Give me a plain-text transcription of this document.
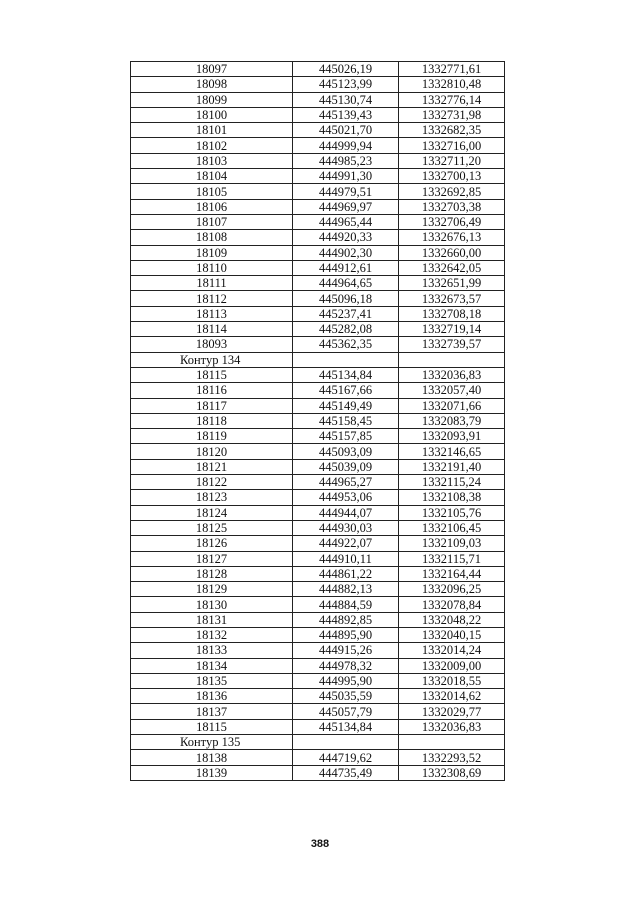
18097	445026,19	1332771,61
18098	445123,99	1332810,48
18099	445130,74	1332776,14
18100	445139,43	1332731,98
18101	445021,70	1332682,35
18102	444999,94	1332716,00
18103	444985,23	1332711,20
18104	444991,30	1332700,13
18105	444979,51	1332692,85
18106	444969,97	1332703,38
18107	444965,44	1332706,49
18108	444920,33	1332676,13
18109	444902,30	1332660,00
18110	444912,61	1332642,05
18111	444964,65	1332651,99
18112	445096,18	1332673,57
18113	445237,41	1332708,18
18114	445282,08	1332719,14
18093	445362,35	1332739,57
Контур 134		
18115	445134,84	1332036,83
18116	445167,66	1332057,40
18117	445149,49	1332071,66
18118	445158,45	1332083,79
18119	445157,85	1332093,91
18120	445093,09	1332146,65
18121	445039,09	1332191,40
18122	444965,27	1332115,24
18123	444953,06	1332108,38
18124	444944,07	1332105,76
18125	444930,03	1332106,45
18126	444922,07	1332109,03
18127	444910,11	1332115,71
18128	444861,22	1332164,44
18129	444882,13	1332096,25
18130	444884,59	1332078,84
18131	444892,85	1332048,22
18132	444895,90	1332040,15
18133	444915,26	1332014,24
18134	444978,32	1332009,00
18135	444995,90	1332018,55
18136	445035,59	1332014,62
18137	445057,79	1332029,77
18115	445134,84	1332036,83
Контур 135		
18138	444719,62	1332293,52
18139	444735,49	1332308,69
388
